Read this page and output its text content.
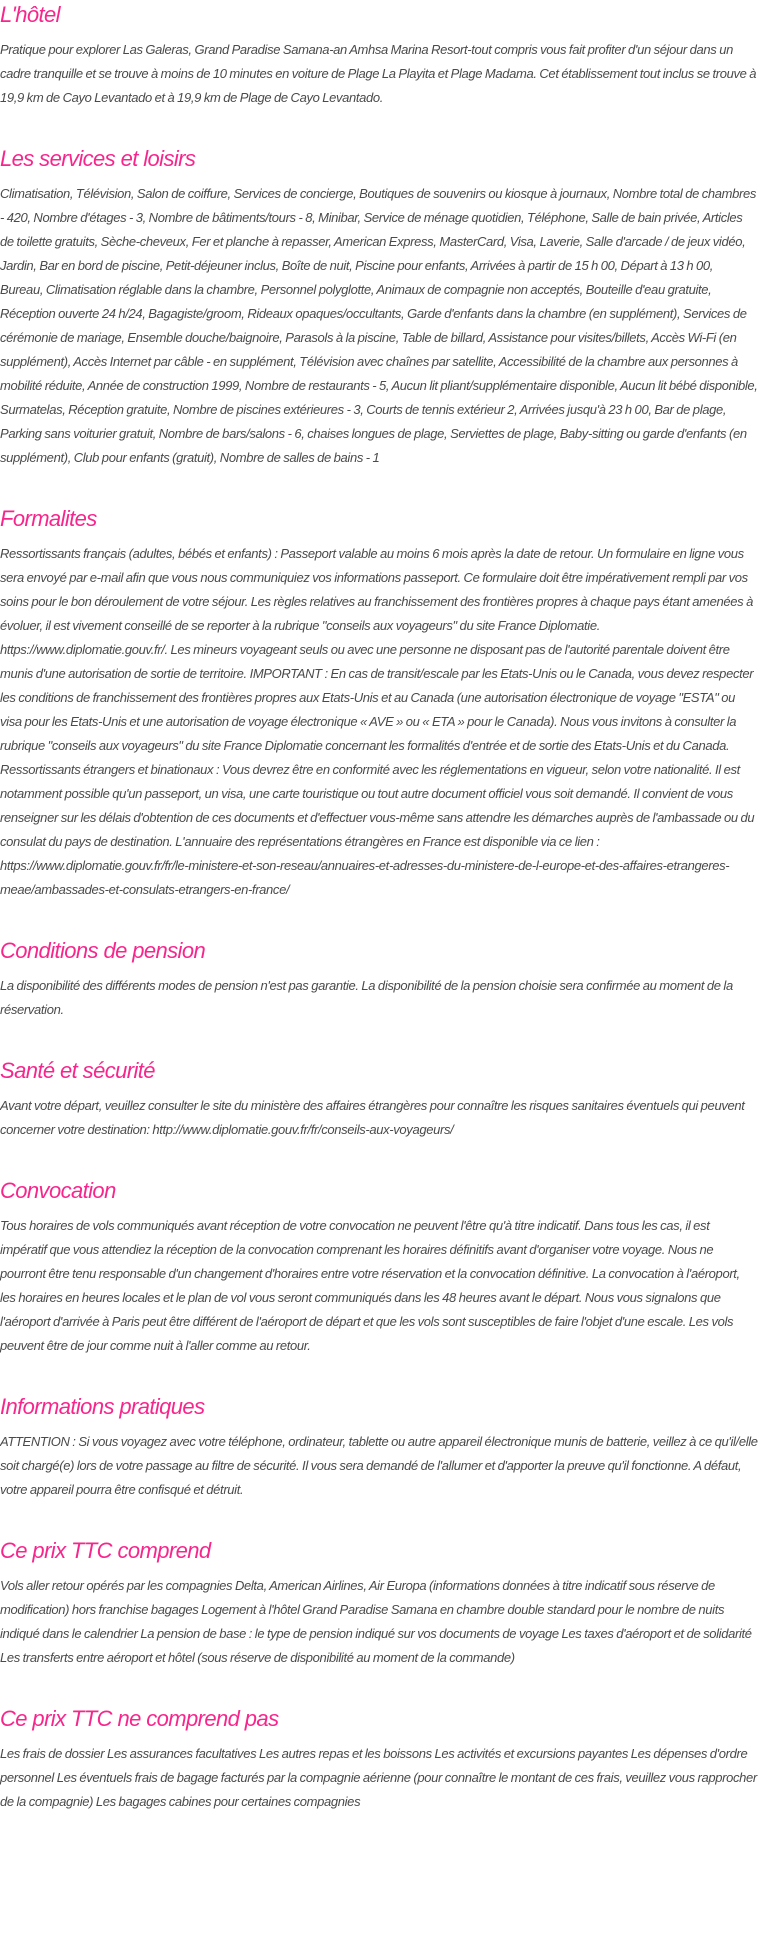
L'hôtel

Pratique pour explorer Las Galeras, Grand Paradise Samana-an Amhsa Marina Resort-tout compris vous fait profiter d'un séjour dans un cadre tranquille et se trouve à moins de 10 minutes en voiture de Plage La Playita et Plage Madama. Cet établissement tout inclus se trouve à 19,9 km de Cayo Levantado et à 19,9 km de Plage de Cayo Levantado.

Les services et loisirs

Climatisation, Télévision, Salon de coiffure, Services de concierge, Boutiques de souvenirs ou kiosque à journaux, Nombre total de chambres - 420, Nombre d'étages - 3, Nombre de bâtiments/tours - 8, Minibar, Service de ménage quotidien, Téléphone, Salle de bain privée, Articles de toilette gratuits, Sèche-cheveux, Fer et planche à repasser, American Express, MasterCard, Visa, Laverie, Salle d'arcade / de jeux vidéo, Jardin, Bar en bord de piscine, Petit-déjeuner inclus, Boîte de nuit, Piscine pour enfants, Arrivées à partir de 15 h 00, Départ à 13 h 00, Bureau, Climatisation réglable dans la chambre, Personnel polyglotte, Animaux de compagnie non acceptés, Bouteille d'eau gratuite, Réception ouverte 24 h/24, Bagagiste/groom, Rideaux opaques/occultants, Garde d'enfants dans la chambre (en supplément), Services de cérémonie de mariage, Ensemble douche/baignoire, Parasols à la piscine, Table de billard, Assistance pour visites/billets, Accès Wi-Fi (en supplément), Accès Internet par câble - en supplément, Télévision avec chaînes par satellite, Accessibilité de la chambre aux personnes à mobilité réduite, Année de construction 1999, Nombre de restaurants - 5, Aucun lit pliant/supplémentaire disponible, Aucun lit bébé disponible, Surmatelas, Réception gratuite, Nombre de piscines extérieures - 3, Courts de tennis extérieur 2, Arrivées jusqu'à 23 h 00, Bar de plage, Parking sans voiturier gratuit, Nombre de bars/salons - 6, chaises longues de plage, Serviettes de plage, Baby-sitting ou garde d'enfants (en supplément), Club pour enfants (gratuit), Nombre de salles de bains - 1

Formalites

Ressortissants français (adultes, bébés et enfants) : Passeport valable au moins 6 mois après la date de retour. Un formulaire en ligne vous sera envoyé par e-mail afin que vous nous communiquiez vos informations passeport. Ce formulaire doit être impérativement rempli par vos soins pour le bon déroulement de votre séjour. Les règles relatives au franchissement des frontières propres à chaque pays étant amenées à évoluer, il est vivement conseillé de se reporter à la rubrique "conseils aux voyageurs" du site France Diplomatie. https://www.diplomatie.gouv.fr/. Les mineurs voyageant seuls ou avec une personne ne disposant pas de l'autorité parentale doivent être munis d'une autorisation de sortie de territoire. IMPORTANT : En cas de transit/escale par les Etats-Unis ou le Canada, vous devez respecter les conditions de franchissement des frontières propres aux Etats-Unis et au Canada (une autorisation électronique de voyage "ESTA" ou visa pour les Etats-Unis et une autorisation de voyage électronique « AVE » ou « ETA » pour le Canada). Nous vous invitons à consulter la rubrique "conseils aux voyageurs" du site France Diplomatie concernant les formalités d'entrée et de sortie des Etats-Unis et du Canada. Ressortissants étrangers et binationaux : Vous devrez être en conformité avec les réglementations en vigueur, selon votre nationalité. Il est notamment possible qu'un passeport, un visa, une carte touristique ou tout autre document officiel vous soit demandé. Il convient de vous renseigner sur les délais d'obtention de ces documents et d'effectuer vous-même sans attendre les démarches auprès de l'ambassade ou du consulat du pays de destination. L'annuaire des représentations étrangères en France est disponible via ce lien : https://www.diplomatie.gouv.fr/fr/le-ministere-et-son-reseau/annuaires-et-adresses-du-ministere-de-l-europe-et-des-affaires-etrangeres-meae/ambassades-et-consulats-etrangers-en-france/

Conditions de pension

La disponibilité des différents modes de pension n'est pas garantie. La disponibilité de la pension choisie sera confirmée au moment de la réservation.

Santé et sécurité

Avant votre départ, veuillez consulter le site du ministère des affaires étrangères pour connaître les risques sanitaires éventuels qui peuvent concerner votre destination: http://www.diplomatie.gouv.fr/fr/conseils-aux-voyageurs/

Convocation

Tous horaires de vols communiqués avant réception de votre convocation ne peuvent l'être qu'à titre indicatif. Dans tous les cas, il est impératif que vous attendiez la réception de la convocation comprenant les horaires définitifs avant d'organiser votre voyage. Nous ne pourront être tenu responsable d'un changement d'horaires entre votre réservation et la convocation définitive. La convocation à l'aéroport, les horaires en heures locales et le plan de vol vous seront communiqués dans les 48 heures avant le départ. Nous vous signalons que l'aéroport d'arrivée à Paris peut être différent de l'aéroport de départ et que les vols sont susceptibles de faire l'objet d'une escale. Les vols peuvent être de jour comme nuit à l'aller comme au retour.

Informations pratiques

ATTENTION : Si vous voyagez avec votre téléphone, ordinateur, tablette ou autre appareil électronique munis de batterie, veillez à ce qu'il/elle soit chargé(e) lors de votre passage au filtre de sécurité. Il vous sera demandé de l'allumer et d'apporter la preuve qu'il fonctionne. A défaut, votre appareil pourra être confisqué et détruit.

Ce prix TTC comprend

Vols aller retour opérés par les compagnies Delta, American Airlines, Air Europa (informations données à titre indicatif sous réserve de modification) hors franchise bagages Logement à l'hôtel Grand Paradise Samana en chambre double standard pour le nombre de nuits indiqué dans le calendrier La pension de base : le type de pension indiqué sur vos documents de voyage Les taxes d'aéroport et de solidarité Les transferts entre aéroport et hôtel (sous réserve de disponibilité au moment de la commande)

Ce prix TTC ne comprend pas

Les frais de dossier Les assurances facultatives Les autres repas et les boissons Les activités et excursions payantes Les dépenses d'ordre personnel Les éventuels frais de bagage facturés par la compagnie aérienne (pour connaître le montant de ces frais, veuillez vous rapprocher de la compagnie) Les bagages cabines pour certaines compagnies
